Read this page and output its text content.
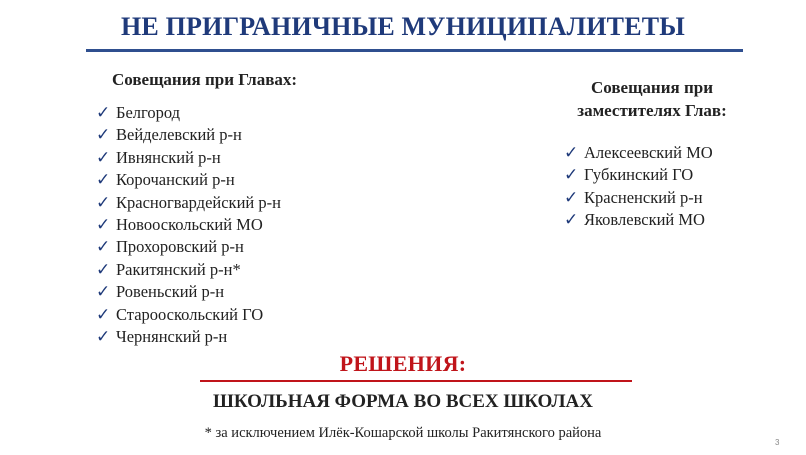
НЕ ПРИГРАНИЧНЫЕ МУНИЦИПАЛИТЕТЫ
Совещания при Главах:
✓ Белгород
✓ Вейделевский р-н
✓ Ивнянский р-н
✓ Корочанский р-н
✓ Красногвардейский р-н
✓ Новооскольский МО
✓ Прохоровский р-н
✓ Ракитянский р-н*
✓ Ровеньский р-н
✓ Старооскольский ГО
✓ Чернянский р-н
Совещания при
заместителях Глав:
✓ Алексеевский МО
✓ Губкинский ГО
✓ Красненский р-н
✓ Яковлевский МО
РЕШЕНИЯ:
ШКОЛЬНАЯ ФОРМА ВО ВСЕХ ШКОЛАХ
* за исключением Илёк-Кошарской школы Ракитянского района
3
